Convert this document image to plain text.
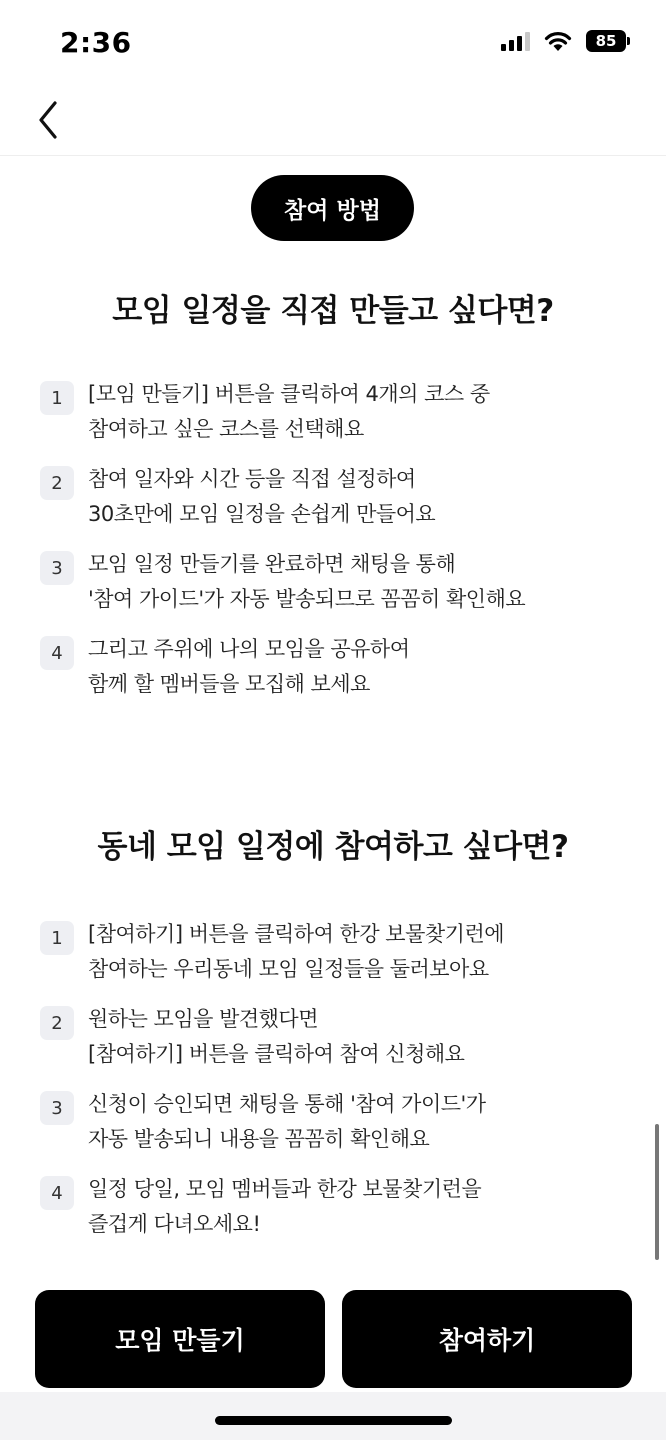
2:36	85
참여 방법
모임 일정을 직접 만들고 싶다면?
1	[모임 만들기] 버튼을 클릭하여 4개의 코스 중
참여하고 싶은 코스를 선택해요
2	참여 일자와 시간 등을 직접 설정하여
30초만에 모임 일정을 손쉽게 만들어요
3	모임 일정 만들기를 완료하면 채팅을 통해
'참여 가이드'가 자동 발송되므로 꼼꼼히 확인해요
4	그리고 주위에 나의 모임을 공유하여
함께 할 멤버들을 모집해 보세요
동네 모임 일정에 참여하고 싶다면?
1	[참여하기] 버튼을 클릭하여 한강 보물찾기런에
참여하는 우리동네 모임 일정들을 둘러보아요
2	원하는 모임을 발견했다면
[참여하기] 버튼을 클릭하여 참여 신청해요
3	신청이 승인되면 채팅을 통해 '참여 가이드'가
자동 발송되니 내용을 꼼꼼히 확인해요
4	일정 당일, 모임 멤버들과 한강 보물찾기런을
즐겁게 다녀오세요!
모임 만들기	참여하기
